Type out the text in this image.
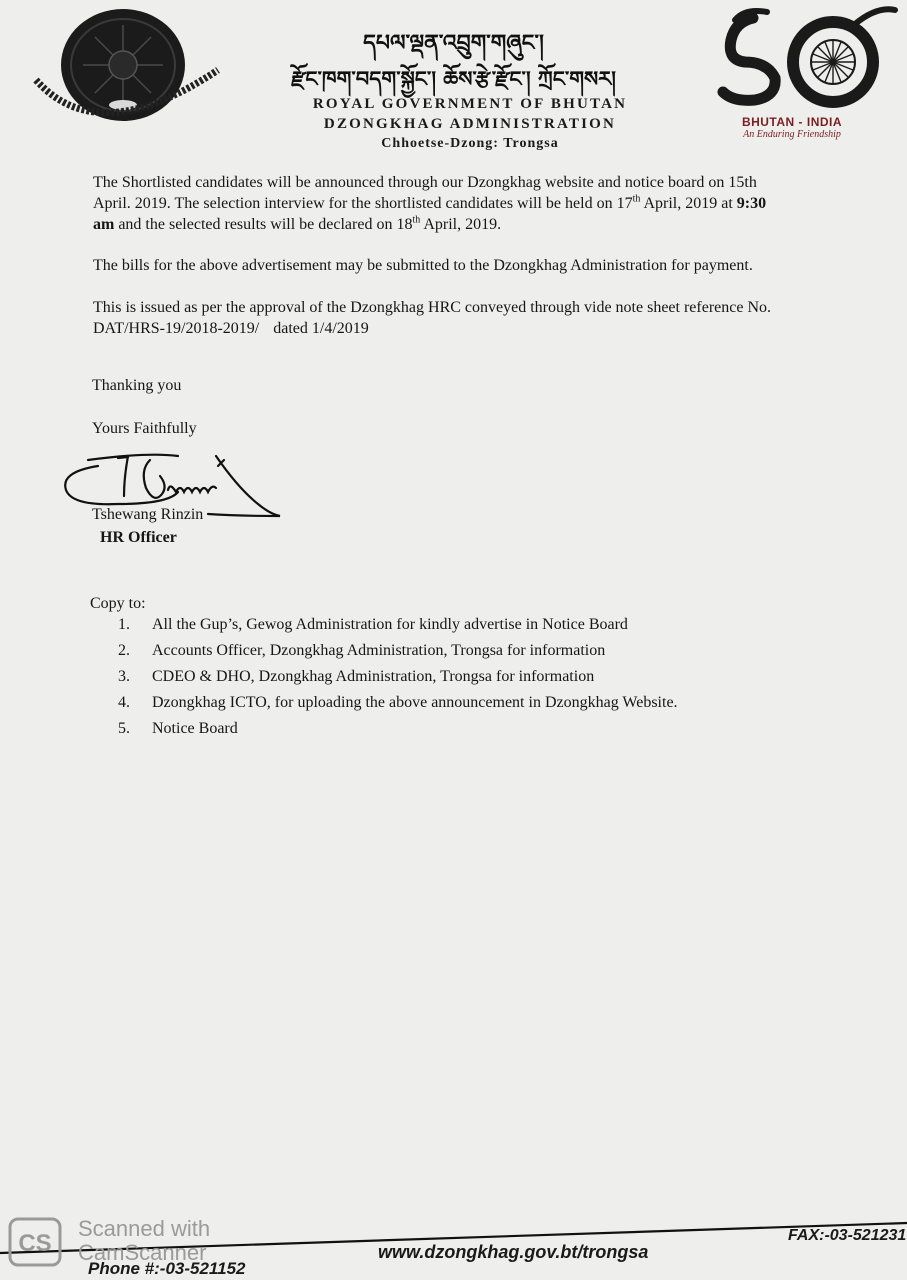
དཔལ་ལྡན་འབྲུག་གཞུང་།
རྫོང་ཁག་བདག་སྐྱོང་། ཆོས་རྩེ་རྫོང་། ཀྲོང་གསར།
ROYAL GOVERNMENT OF BHUTAN
DZONGKHAG ADMINISTRATION
Chhoetse-Dzong: Trongsa
BHUTAN - INDIA
An Enduring Friendship
The Shortlisted candidates will be announced through our Dzongkhag website and notice board on 15th
April. 2019. The selection interview for the shortlisted candidates will be held on 17th April, 2019 at 9:30
am and the selected results will be declared on 18th April, 2019.
The bills for the above advertisement may be submitted to the Dzongkhag Administration for payment.
This is issued as per the approval of the Dzongkhag HRC conveyed through vide note sheet reference No.
DAT/HRS-19/2018-2019/ dated 1/4/2019
Thanking you
Yours Faithfully
Tshewang Rinzin
HR Officer
Copy to:
1. All the Gup’s, Gewog Administration for kindly advertise in Notice Board
2. Accounts Officer, Dzongkhag Administration, Trongsa for information
3. CDEO & DHO, Dzongkhag Administration, Trongsa for information
4. Dzongkhag ICTO, for uploading the above announcement in Dzongkhag Website.
5. Notice Board
CS
Scanned with
CamScanner
Phone #:-03-521152
www.dzongkhag.gov.bt/trongsa
FAX:-03-521231
